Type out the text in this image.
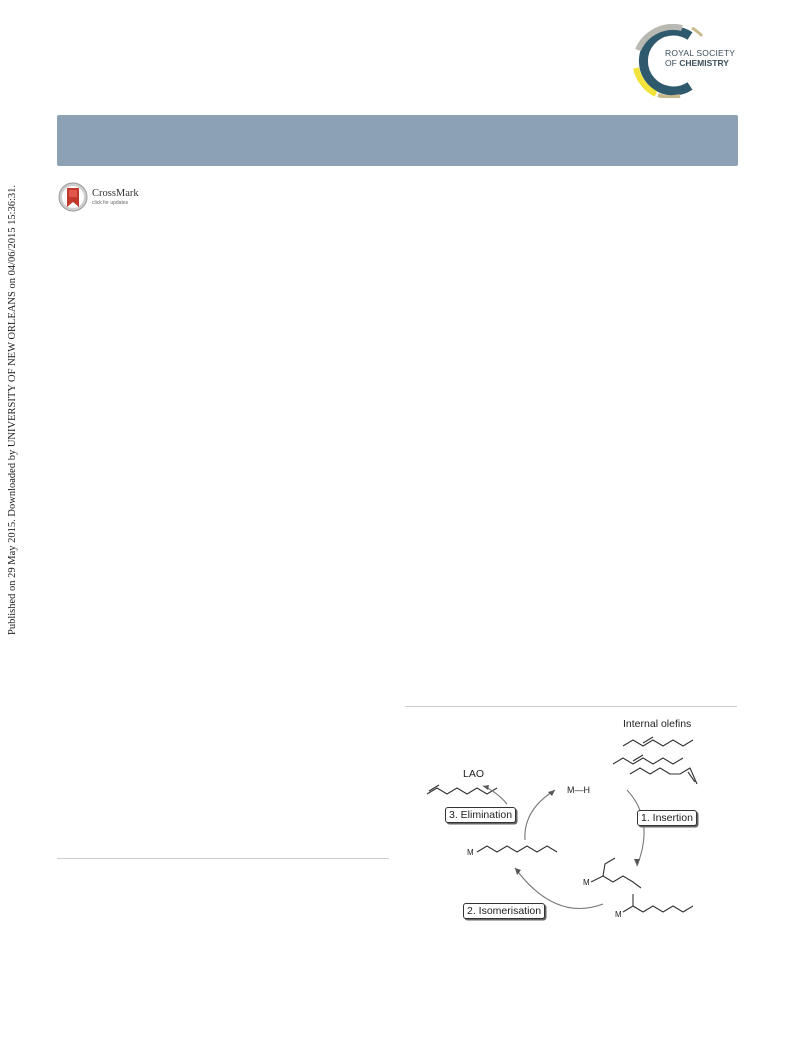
Published on 29 May 2015. Downloaded by UNIVERSITY OF NEW ORLEANS on 04/06/2015 15:36:31.
ROYAL SOCIETY
OF CHEMISTRY
CrossMark
click for updates
Internal olefins
LAO
M—H
3. Elimination	1. Insertion
2. Isomerisation
M
M
M
